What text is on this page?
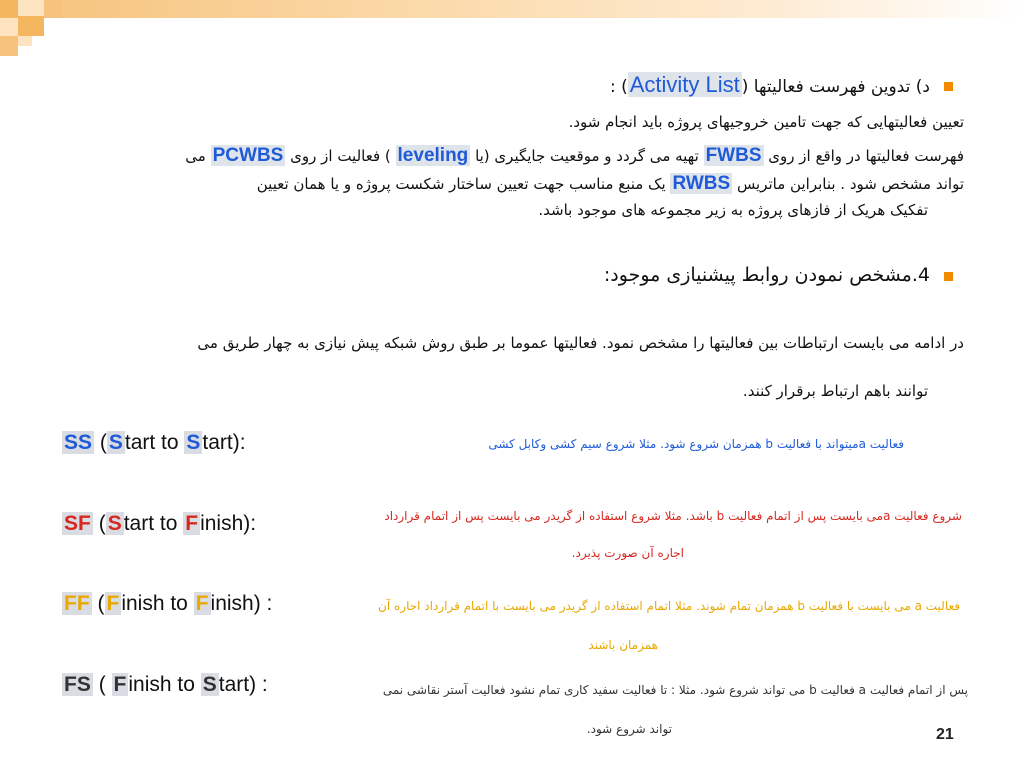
د) تدوین فهرست فعالیتها (Activity List) :
تعیین فعالیتهایی که جهت تامین خروجیهای پروژه باید انجام شود.
فهرست فعالیتها در واقع از روی FWBS تهیه می گردد و موقعیت جایگیری (یا leveling ) فعالیت از روی PCWBS می
تواند مشخص شود . بنابراین ماتریس RWBS یک منبع مناسب جهت تعیین ساختار شکست پروژه و یا همان تعیین
تفکیک هریک از فازهای پروژه به زیر مجموعه های موجود باشد.
4.مشخص نمودن روابط پیشنیازی موجود:
در ادامه می بایست ارتباطات بین فعالیتها را مشخص نمود. فعالیتها عموما بر طبق روش شبکه پیش نیازی به چهار طریق می
توانند باهم ارتباط برقرار کنند.
SS (Start to Start):	فعالیت aمیتواند با فعالیت b همزمان شروع شود. مثلا شروع سیم کشی وکابل کشی
SF (Start to Finish):	شروع فعالیت aمی بایست پس از اتمام فعالیت b باشد. مثلا شروع استفاده از گریدر می بایست پس از اتمام قرارداد
اجاره آن صورت پذیرد.
FF (Finish to Finish) :	فعالیت a می بایست با فعالیت b همزمان تمام شوند. مثلا اتمام استفاده از گریدر می بایست با اتمام قرارداد اجاره آن
همزمان باشند
FS ( Finish to Start) :	پس از اتمام فعالیت a فعالیت b می تواند شروع شود. مثلا : تا فعالیت سفید کاری تمام نشود فعالیت آستر نقاشی نمی
تواند شروع شود.	21
